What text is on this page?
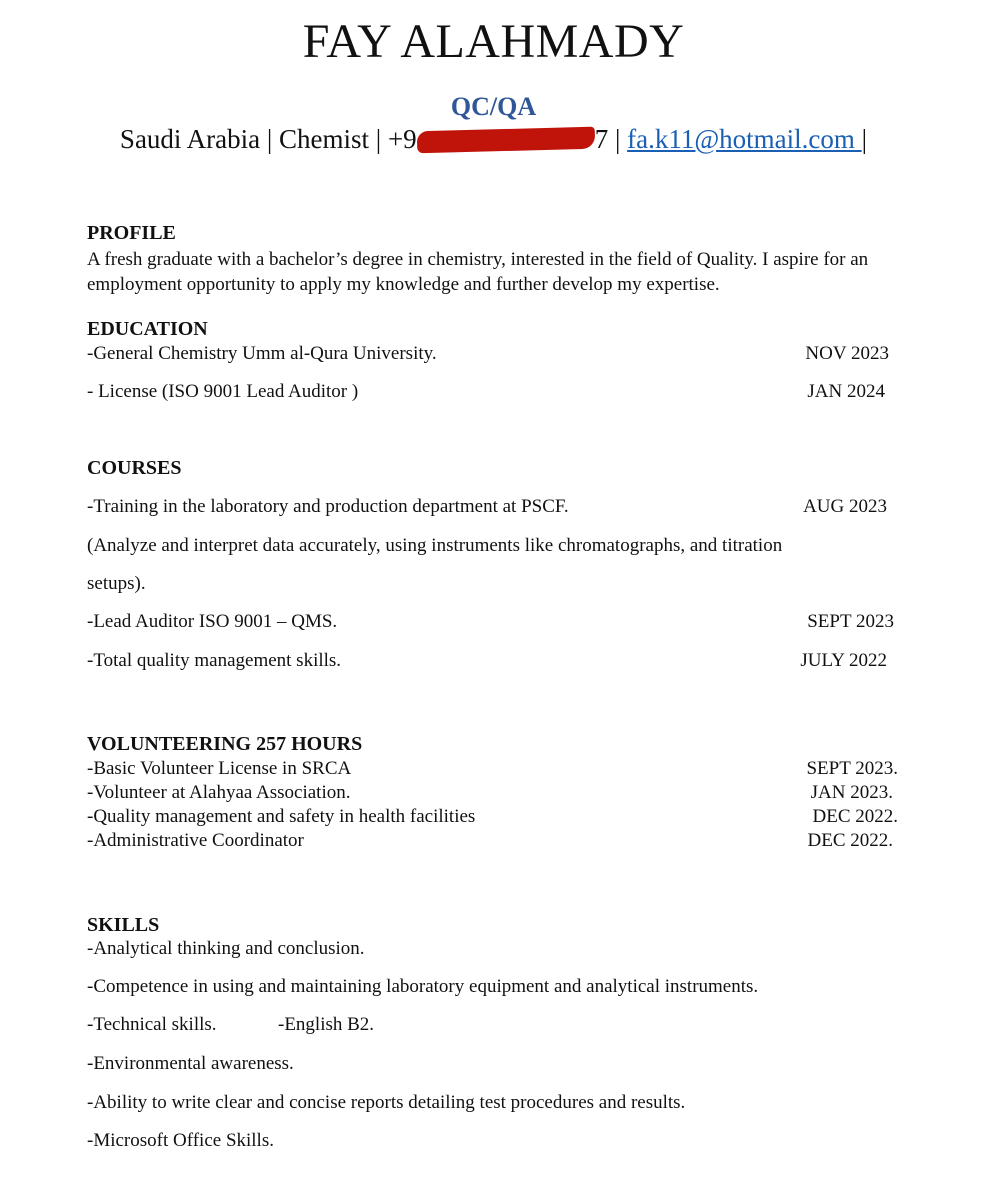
FAY ALAHMADY
QC/QA
Saudi Arabia | Chemist | +9	7 | fa.k11@hotmail.com |
PROFILE
A fresh graduate with a bachelor’s degree in chemistry, interested in the field of Quality. I aspire for an employment opportunity to apply my knowledge and further develop my expertise.
EDUCATION
-General Chemistry Umm al-Qura University.	NOV 2023
- License (ISO 9001 Lead Auditor )	JAN 2024
COURSES
-Training in the laboratory and production department at PSCF.	AUG 2023
(Analyze and interpret data accurately, using instruments like chromatographs, and titration
setups).
-Lead Auditor ISO 9001 – QMS.	SEPT 2023
-Total quality management skills.	JULY 2022
VOLUNTEERING 257 HOURS
-Basic Volunteer License in SRCA	SEPT 2023.
-Volunteer at Alahyaa Association.	JAN 2023.
-Quality management and safety in health facilities	DEC 2022.
-Administrative Coordinator	DEC 2022.
SKILLS
-Analytical thinking and conclusion.
-Competence in using and maintaining laboratory equipment and analytical instruments.
-Technical skills.	-English B2.
-Environmental awareness.
-Ability to write clear and concise reports detailing test procedures and results.
-Microsoft Office Skills.
